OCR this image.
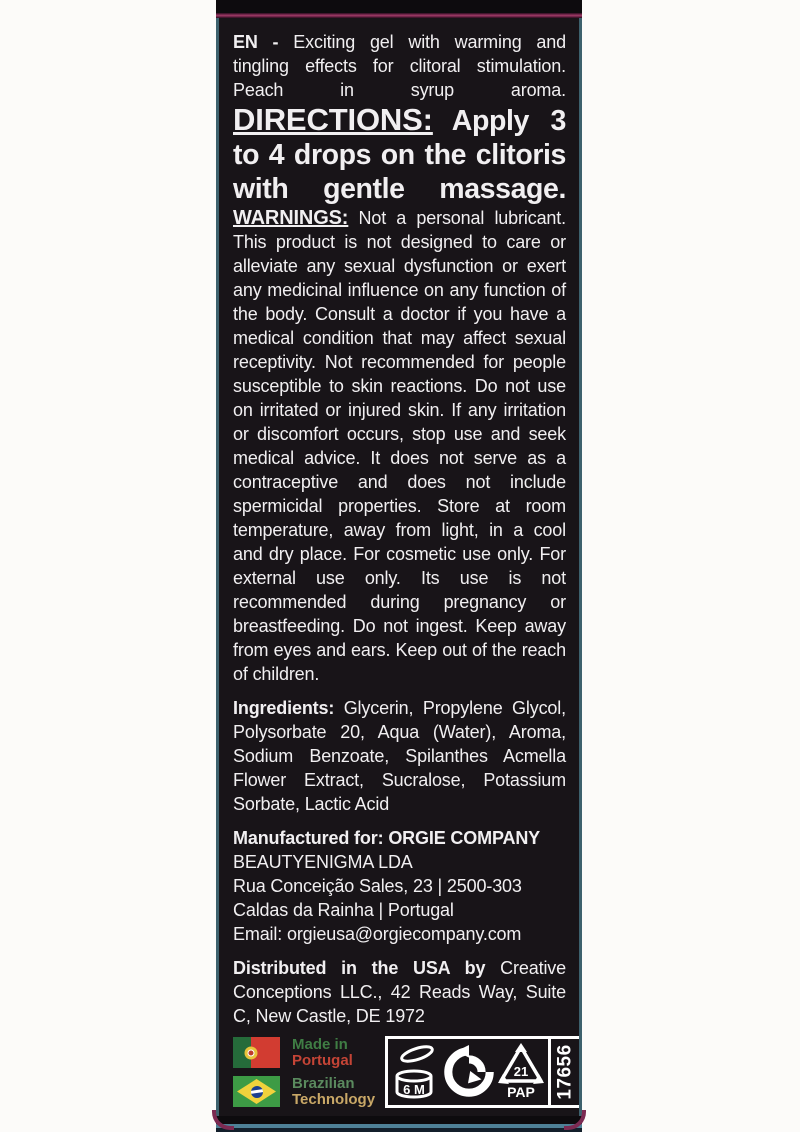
EN - Exciting gel with warming and tingling effects for clitoral stimulation. Peach in syrup aroma. DIRECTIONS: Apply 3 to 4 drops on the clitoris with gentle massage. WARNINGS: Not a personal lubricant. This product is not designed to care or alleviate any sexual dysfunction or exert any medicinal influence on any function of the body. Consult a doctor if you have a medical condition that may affect sexual receptivity. Not recommended for people susceptible to skin reactions. Do not use on irritated or injured skin. If any irritation or discomfort occurs, stop use and seek medical advice. It does not serve as a contraceptive and does not include spermicidal properties. Store at room temperature, away from light, in a cool and dry place. For cosmetic use only. For external use only. Its use is not recommended during pregnancy or breastfeeding. Do not ingest. Keep away from eyes and ears. Keep out of the reach of children.

Ingredients: Glycerin, Propylene Glycol, Polysorbate 20, Aqua (Water), Aroma, Sodium Benzoate, Spilanthes Acmella Flower Extract, Sucralose, Potassium Sorbate, Lactic Acid

Manufactured for: ORGIE COMPANY
BEAUTYENIGMA LDA
Rua Conceição Sales, 23 | 2500-303
Caldas da Rainha | Portugal
Email: orgieusa@orgiecompany.com

Distributed in the USA by Creative Conceptions LLC., 42 Reads Way, Suite C, New Castle, DE 1972

Made in
Portugal
Brazilian
Technology
6 M
21
PAP 17656
